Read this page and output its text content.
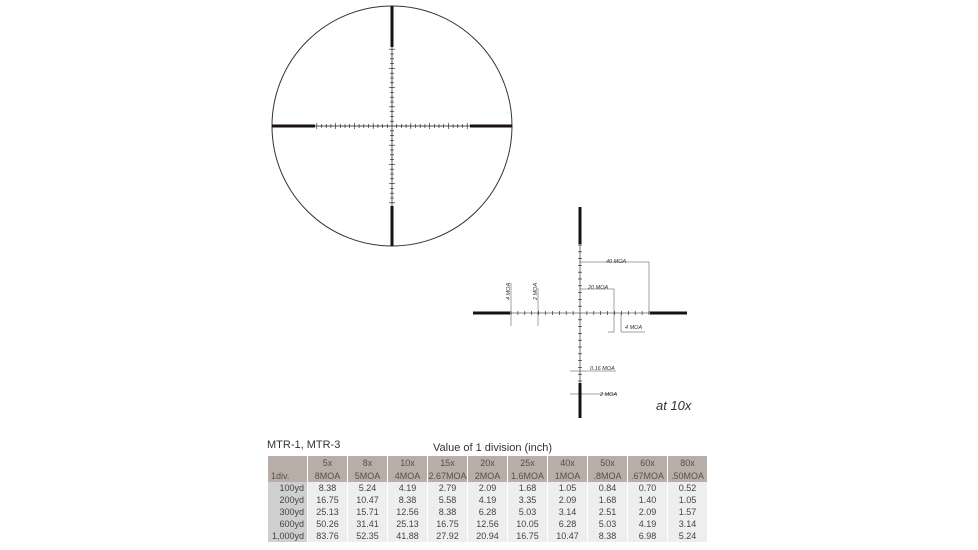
40 MOA
20 MOA
4 MOA
4 MOA	2 MOA
0.16 MOA
2 MOA
at 10x
MTR-1, MTR-3	Value of 1 division (inch)
	5x	8x	10x	15x	20x	25x	40x	50x	60x	80x
1div.	8MOA	5MOA	4MOA	2.67MOA	2MOA	1.6MOA	1MOA	.8MOA	.67MOA	.50MOA
100yd	8.38	5.24	4.19	2.79	2.09	1.68	1.05	0.84	0.70	0.52
200yd	16.75	10.47	8.38	5.58	4.19	3.35	2.09	1.68	1.40	1.05
300yd	25.13	15.71	12.56	8.38	6.28	5.03	3.14	2.51	2.09	1.57
600yd	50.26	31.41	25.13	16.75	12.56	10.05	6.28	5.03	4.19	3.14
1,000yd	83.76	52.35	41.88	27.92	20.94	16.75	10.47	8.38	6.98	5.24
